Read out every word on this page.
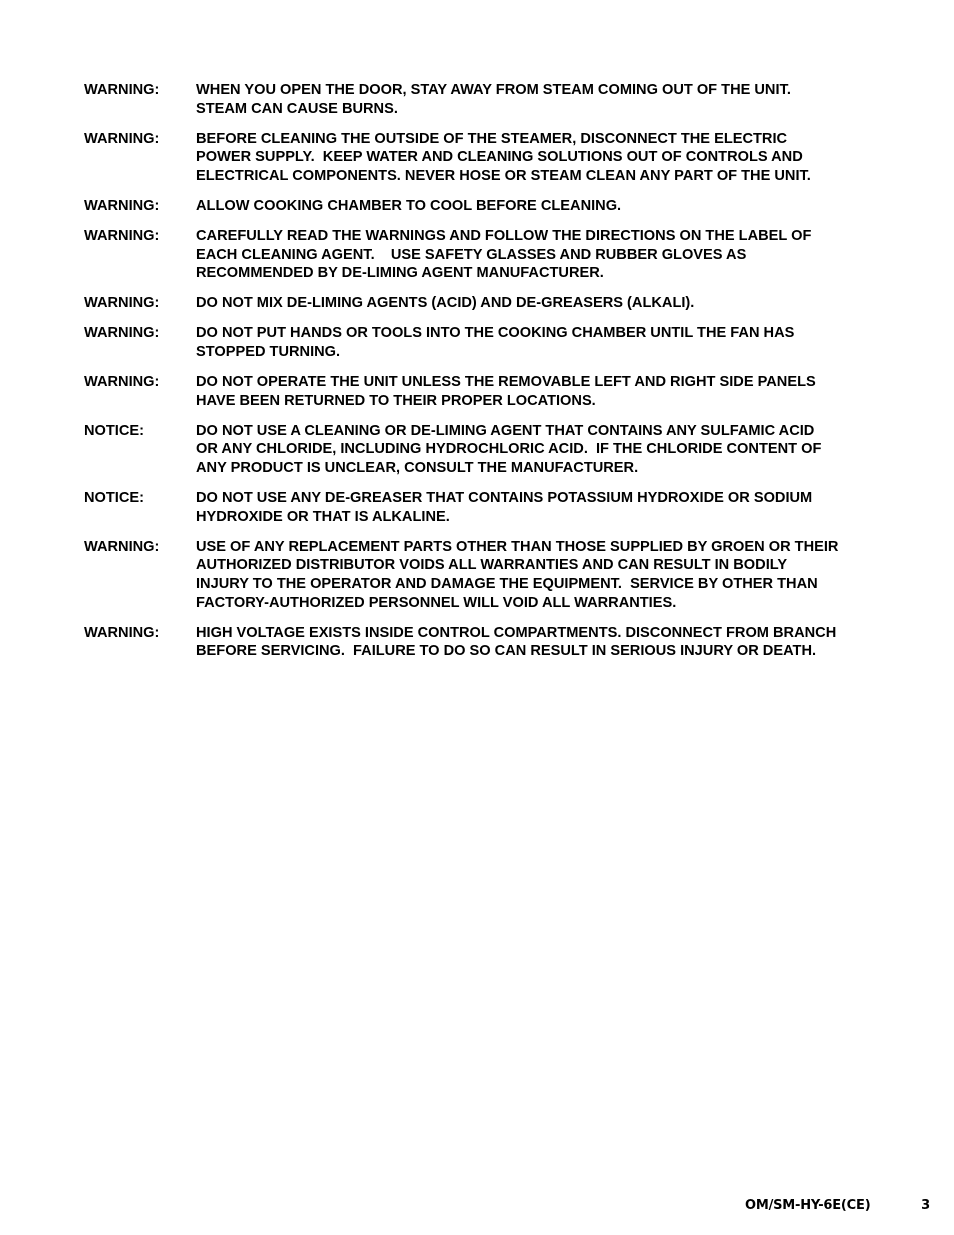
WARNING:	WHEN YOU OPEN THE DOOR, STAY AWAY FROM STEAM COMING OUT OF THE UNIT.
STEAM CAN CAUSE BURNS.
WARNING:	BEFORE CLEANING THE OUTSIDE OF THE STEAMER, DISCONNECT THE ELECTRIC
POWER SUPPLY.  KEEP WATER AND CLEANING SOLUTIONS OUT OF CONTROLS AND
ELECTRICAL COMPONENTS. NEVER HOSE OR STEAM CLEAN ANY PART OF THE UNIT.
WARNING:	ALLOW COOKING CHAMBER TO COOL BEFORE CLEANING.
WARNING:	CAREFULLY READ THE WARNINGS AND FOLLOW THE DIRECTIONS ON THE LABEL OF
EACH CLEANING AGENT.    USE SAFETY GLASSES AND RUBBER GLOVES AS
RECOMMENDED BY DE-LIMING AGENT MANUFACTURER.
WARNING:	DO NOT MIX DE-LIMING AGENTS (ACID) AND DE-GREASERS (ALKALI).
WARNING:	DO NOT PUT HANDS OR TOOLS INTO THE COOKING CHAMBER UNTIL THE FAN HAS
STOPPED TURNING.
WARNING:	DO NOT OPERATE THE UNIT UNLESS THE REMOVABLE LEFT AND RIGHT SIDE PANELS
HAVE BEEN RETURNED TO THEIR PROPER LOCATIONS.
NOTICE:	DO NOT USE A CLEANING OR DE-LIMING AGENT THAT CONTAINS ANY SULFAMIC ACID
OR ANY CHLORIDE, INCLUDING HYDROCHLORIC ACID.  IF THE CHLORIDE CONTENT OF
ANY PRODUCT IS UNCLEAR, CONSULT THE MANUFACTURER.
NOTICE:	DO NOT USE ANY DE-GREASER THAT CONTAINS POTASSIUM HYDROXIDE OR SODIUM
HYDROXIDE OR THAT IS ALKALINE.
WARNING:	USE OF ANY REPLACEMENT PARTS OTHER THAN THOSE SUPPLIED BY GROEN OR THEIR
AUTHORIZED DISTRIBUTOR VOIDS ALL WARRANTIES AND CAN RESULT IN BODILY
INJURY TO THE OPERATOR AND DAMAGE THE EQUIPMENT.  SERVICE BY OTHER THAN
FACTORY-AUTHORIZED PERSONNEL WILL VOID ALL WARRANTIES.
WARNING:	HIGH VOLTAGE EXISTS INSIDE CONTROL COMPARTMENTS. DISCONNECT FROM BRANCH
BEFORE SERVICING.  FAILURE TO DO SO CAN RESULT IN SERIOUS INJURY OR DEATH.
OM/SM-HY-6E(CE)	3
